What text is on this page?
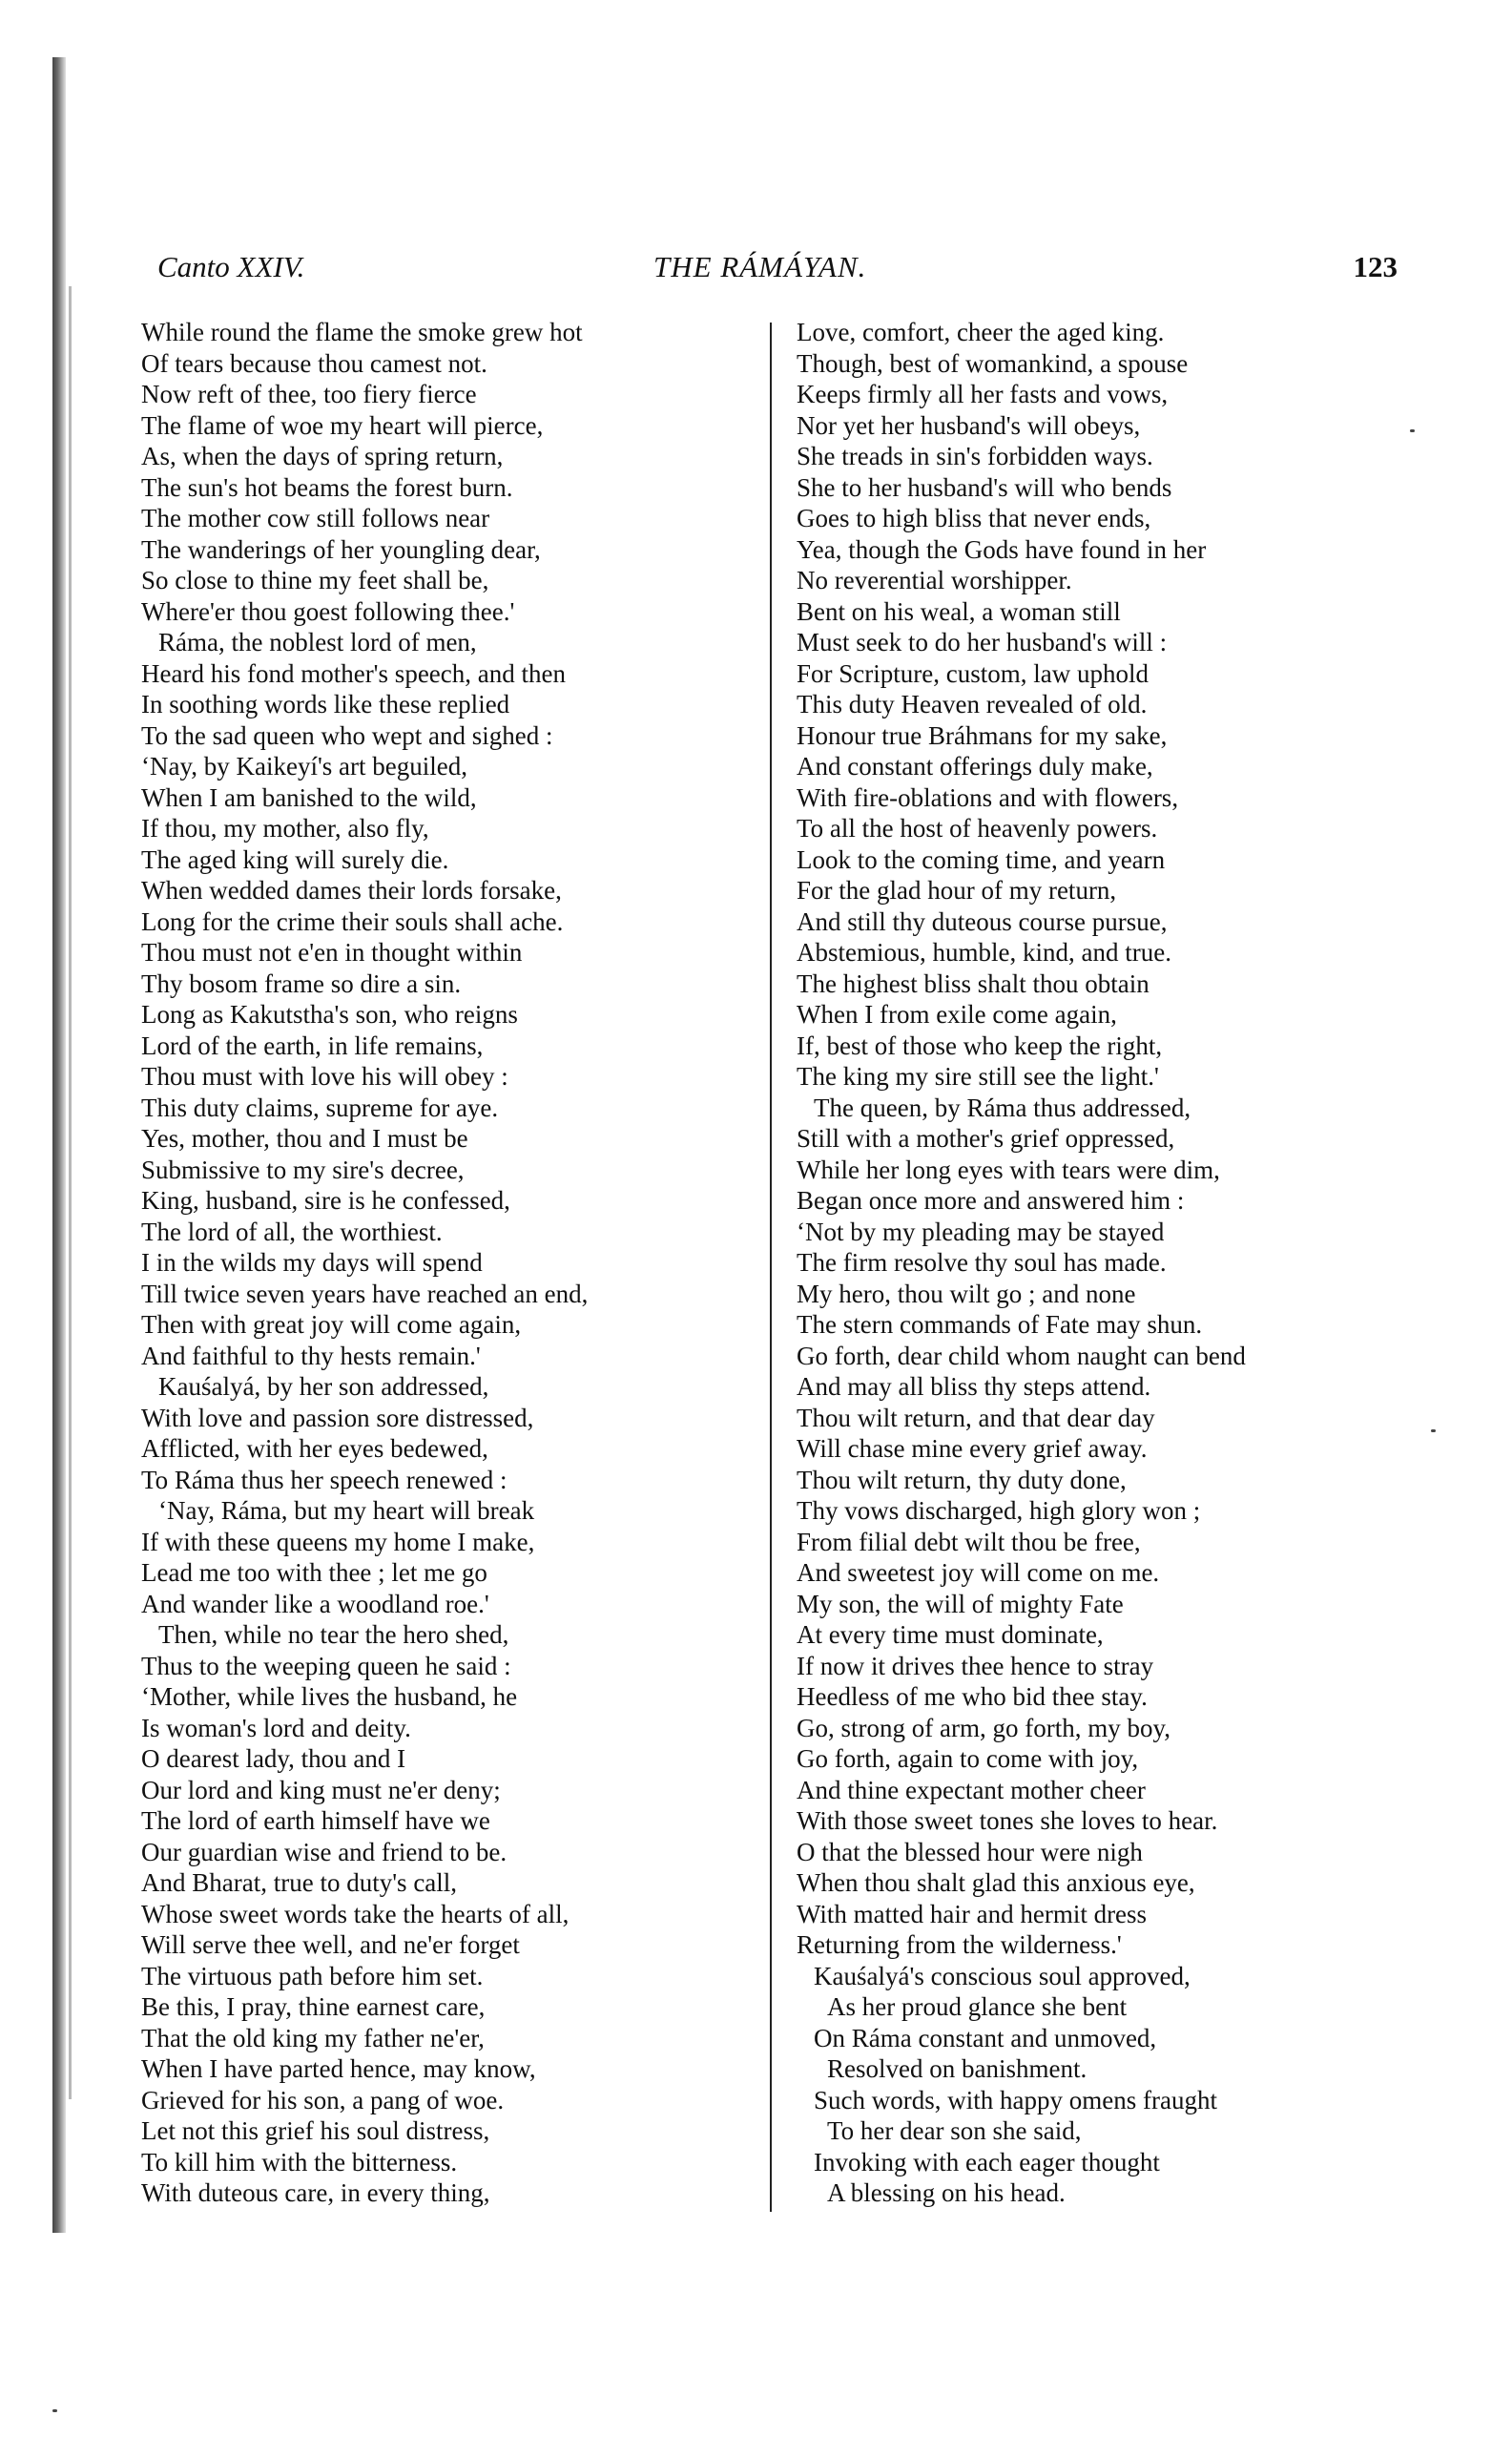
Canto XXIV.	THE RÁMÁYAN.	123
While round the flame the smoke grew hot
Of tears because thou camest not.
Now reft of thee, too fiery fierce
The flame of woe my heart will pierce,
As, when the days of spring return,
The sun's hot beams the forest burn.
The mother cow still follows near
The wanderings of her youngling dear,
So close to thine my feet shall be,
Where'er thou goest following thee.'
Ráma, the noblest lord of men,
Heard his fond mother's speech, and then
In soothing words like these replied
To the sad queen who wept and sighed :
‘Nay, by Kaikeyí's art beguiled,
When I am banished to the wild,
If thou, my mother, also fly,
The aged king will surely die.
When wedded dames their lords forsake,
Long for the crime their souls shall ache.
Thou must not e'en in thought within
Thy bosom frame so dire a sin.
Long as Kakutstha's son, who reigns
Lord of the earth, in life remains,
Thou must with love his will obey :
This duty claims, supreme for aye.
Yes, mother, thou and I must be
Submissive to my sire's decree,
King, husband, sire is he confessed,
The lord of all, the worthiest.
I in the wilds my days will spend
Till twice seven years have reached an end,
Then with great joy will come again,
And faithful to thy hests remain.'
Kauśalyá, by her son addressed,
With love and passion sore distressed,
Afflicted, with her eyes bedewed,
To Ráma thus her speech renewed :
‘Nay, Ráma, but my heart will break
If with these queens my home I make,
Lead me too with thee ; let me go
And wander like a woodland roe.'
Then, while no tear the hero shed,
Thus to the weeping queen he said :
‘Mother, while lives the husband, he
Is woman's lord and deity.
O dearest lady, thou and I
Our lord and king must ne'er deny;
The lord of earth himself have we
Our guardian wise and friend to be.
And Bharat, true to duty's call,
Whose sweet words take the hearts of all,
Will serve thee well, and ne'er forget
The virtuous path before him set.
Be this, I pray, thine earnest care,
That the old king my father ne'er,
When I have parted hence, may know,
Grieved for his son, a pang of woe.
Let not this grief his soul distress,
To kill him with the bitterness.
With duteous care, in every thing,
Love, comfort, cheer the aged king.
Though, best of womankind, a spouse
Keeps firmly all her fasts and vows,
Nor yet her husband's will obeys,
She treads in sin's forbidden ways.
She to her husband's will who bends
Goes to high bliss that never ends,
Yea, though the Gods have found in her
No reverential worshipper.
Bent on his weal, a woman still
Must seek to do her husband's will :
For Scripture, custom, law uphold
This duty Heaven revealed of old.
Honour true Bráhmans for my sake,
And constant offerings duly make,
With fire-oblations and with flowers,
To all the host of heavenly powers.
Look to the coming time, and yearn
For the glad hour of my return,
And still thy duteous course pursue,
Abstemious, humble, kind, and true.
The highest bliss shalt thou obtain
When I from exile come again,
If, best of those who keep the right,
The king my sire still see the light.'
The queen, by Ráma thus addressed,
Still with a mother's grief oppressed,
While her long eyes with tears were dim,
Began once more and answered him :
‘Not by my pleading may be stayed
The firm resolve thy soul has made.
My hero, thou wilt go ; and none
The stern commands of Fate may shun.
Go forth, dear child whom naught can bend
And may all bliss thy steps attend.
Thou wilt return, and that dear day
Will chase mine every grief away.
Thou wilt return, thy duty done,
Thy vows discharged, high glory won ;
From filial debt wilt thou be free,
And sweetest joy will come on me.
My son, the will of mighty Fate
At every time must dominate,
If now it drives thee hence to stray
Heedless of me who bid thee stay.
Go, strong of arm, go forth, my boy,
Go forth, again to come with joy,
And thine expectant mother cheer
With those sweet tones she loves to hear.
O that the blessed hour were nigh
When thou shalt glad this anxious eye,
With matted hair and hermit dress
Returning from the wilderness.'
Kauśalyá's conscious soul approved,
As her proud glance she bent
On Ráma constant and unmoved,
Resolved on banishment.
Such words, with happy omens fraught
To her dear son she said,
Invoking with each eager thought
A blessing on his head.
